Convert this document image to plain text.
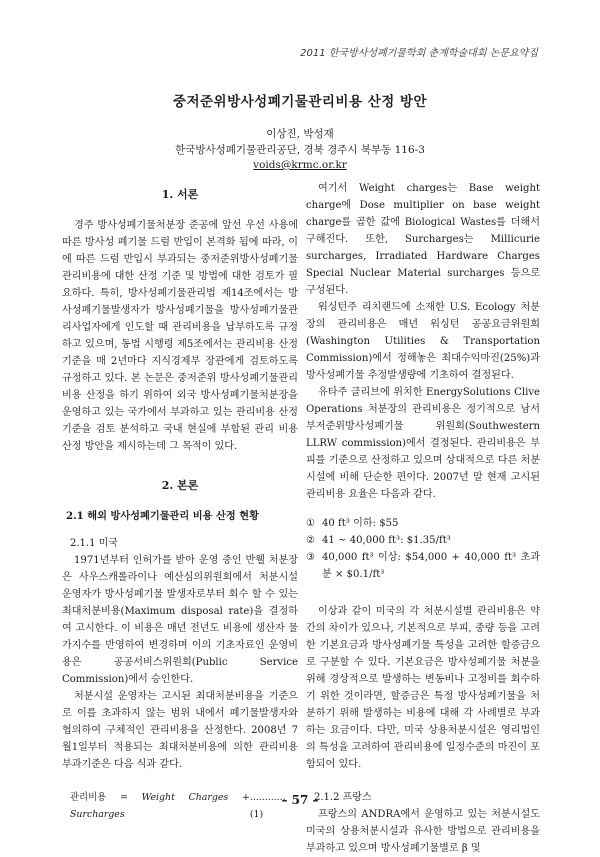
2011 한국방사성폐기물학회 춘계학술대회 논문요약집
중저준위방사성폐기물관리비용 산정 방안
이상진, 박성재
한국방사성폐기물관리공단, 경북 경주시 북부동 116-3
voids@krmc.or.kr
1. 서론

경주 방사성폐기물처분장 준공에 앞선 우선 사용에 따른 방사성 폐기물 드럼 반입이 본격화 됨에 따라, 이에 따른 드럼 반입시 부과되는 중저준위방사성폐기물관리비용에 대한 산정 기준 및 방법에 대한 검토가 필요하다. 특히, 방사성폐기물관리법 제14조에서는 방사성폐기물발생자가 방사성폐기물을 방사성폐기물관리사업자에게 인도할 때 관리비용을 납부하도록 규정하고 있으며, 동법 시행령 제5조에서는 관리비용 산정 기준을 매 2년마다 지식경제부 장관에게 검토하도록 규정하고 있다. 본 논문은 중저준위 방사성폐기물관리비용 산정을 하기 위하여 외국 방사성폐기물처분장을 운영하고 있는 국가에서 부과하고 있는 관리비용 산정 기준을 검토 분석하고 국내 현실에 부합된 관리 비용 산정 방안을 제시하는데 그 목적이 있다.

2. 본론
2.1 해외 방사성폐기물관리 비용 산정 현황
2.1.1 미국

1971년부터 인허가를 받아 운영 중인 반웰 처분장은 사우스캐롤라이나 예산심의위원회에서 처분시설 운영자가 방사성폐기물 발생자로부터 회수 할 수 있는 최대처분비용(Maximum disposal rate)을 결정하여 고시한다. 이 비용은 매년 전년도 비용에 생산자 물가지수를 반영하여 변경하며 이의 기초자료인 운영비용은 공공서비스위원회(Public Service Commission)에서 승인한다.

처분시설 운영자는 고시된 최대처분비용을 기준으로 이를 초과하지 않는 범위 내에서 폐기물발생자와 협의하여 구체적인 관리비용을 산정한다. 2008년 7월1일부터 적용되는 최대처분비용에 의한 관리비용 부과기준은 다음 식과 같다.

관리비용 = Weight Charges + Surcharges
............ (1)

여기서 Weight charges는 Base weight charge에 Dose multiplier on base weight charge를 곱한 값에 Biological Wastes를 더해서 구해진다. 또한, Surcharges는 Millicurie surcharges, Irradiated Hardware Charges Special Nuclear Material surcharges 등으로 구성된다.

워싱턴주 리치랜드에 소재한 U.S. Ecology 처분장의 관리비용은 매년 워싱턴 공공요금위원회(Washington Utilities & Transportation Commission)에서 정해놓은 최대수익마진(25%)과 방사성폐기물 추정발생량에 기초하여 결정된다.

유타주 클리브에 위치한 EnergySolutions Clive Operations 처분장의 관리비용은 정기적으로 남서부저준위방사성폐기물 위원회(Southwestern LLRW commission)에서 결정된다. 관리비용은 부피를 기준으로 산정하고 있으며 상대적으로 다른 처분시설에 비해 단순한 편이다. 2007년 말 현재 고시된 관리비용 요율은 다음과 같다.

① 40 ft³ 이하: $55
② 41 ~ 40,000 ft³: $1.35/ft³
③ 40,000 ft³ 이상: $54,000 + 40,000 ft³ 초과 분 × $0.1/ft³

이상과 같이 미국의 각 처분시설별 관리비용은 약간의 차이가 있으나, 기본적으로 부피, 중량 등을 고려한 기본요금과 방사성폐기물 특성을 고려한 할증금으로 구분할 수 있다. 기본요금은 방사성폐기물 처분을 위해 경상적으로 발생하는 변동비나 고정비를 회수하기 위한 것이라면, 할증금은 특정 방사성폐기물을 처분하기 위해 발생하는 비용에 대해 각 사례별로 부과하는 요금이다. 다만, 미국 상용처분시설은 영리법인의 특성을 고려하여 관리비용에 일정수준의 마진이 포함되어 있다.

2.1.2 프랑스

프랑스의 ANDRA에서 운영하고 있는 처분시설도 미국의 상용처분시설과 유사한 방법으로 관리비용을 부과하고 있으며 방사성폐기물별로 β 및

– 57 –
